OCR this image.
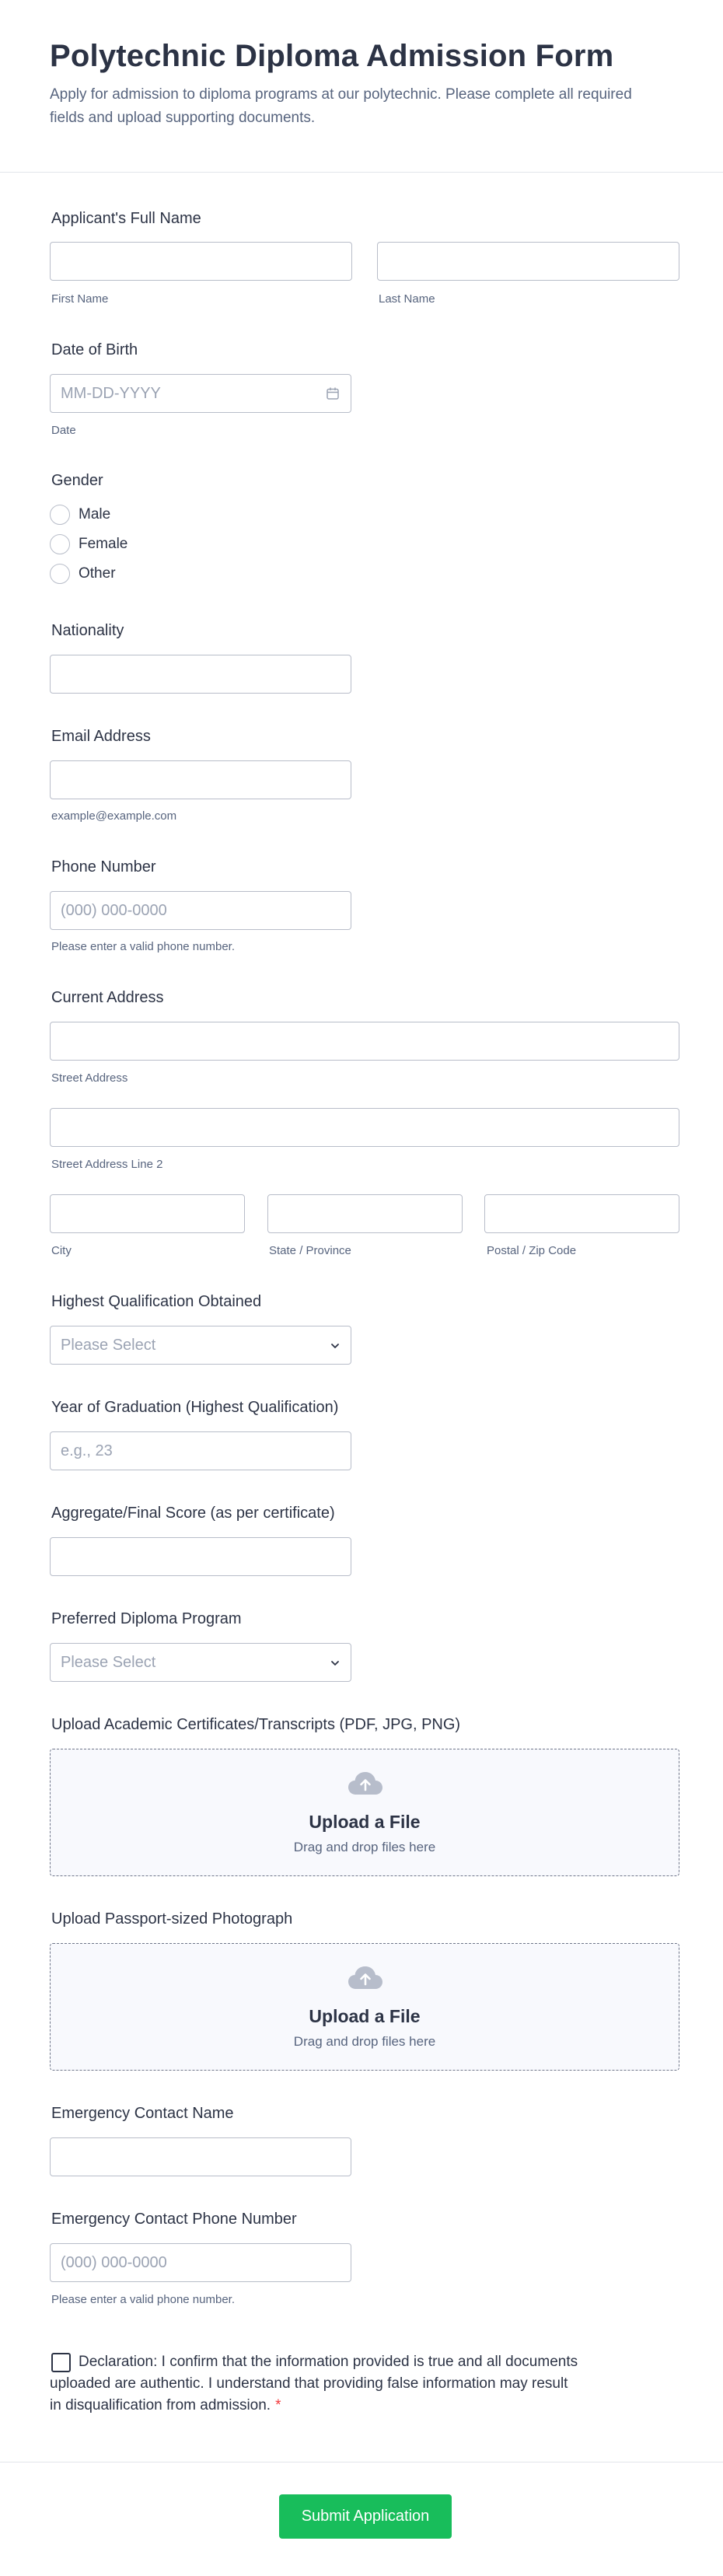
Polytechnic Diploma Admission Form

Apply for admission to diploma programs at our polytechnic. Please complete all required fields and upload supporting documents.

Applicant's Full Name
First Name	Last Name
Date of Birth
MM-DD-YYYY
Date
Gender
Male
Female
Other
Nationality
Email Address
example@example.com
Phone Number
(000) 000-0000
Please enter a valid phone number.
Current Address
Street Address
Street Address Line 2
City	State / Province	Postal / Zip Code
Highest Qualification Obtained
Please Select
Year of Graduation (Highest Qualification)
e.g., 23
Aggregate/Final Score (as per certificate)
Preferred Diploma Program
Please Select
Upload Academic Certificates/Transcripts (PDF, JPG, PNG)
Upload a File
Drag and drop files here
Upload Passport-sized Photograph
Upload a File
Drag and drop files here
Emergency Contact Name
Emergency Contact Phone Number
(000) 000-0000
Please enter a valid phone number.
Declaration: I confirm that the information provided is true and all documents uploaded are authentic. I understand that providing false information may result in disqualification from admission. *
Submit Application
